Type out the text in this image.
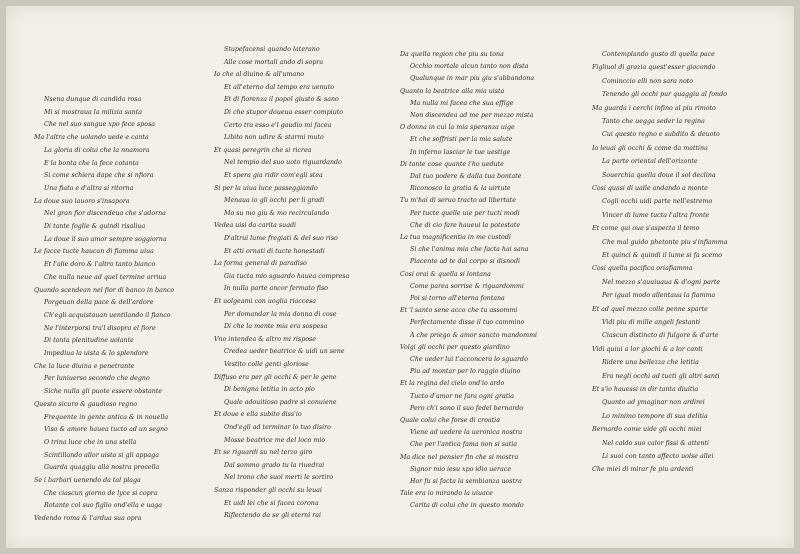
Nsena dunque di candida rosa
Mi si mostraua la milizia santa
Che nel suo sangue xpo fece sposa
Ma l'altra che uolando uede e canta
La gloria di colui che la nnamora
E la bonta che la fece cotanta
Si come schiera dape che si nfiora
Una fiata e d'altra si ritorna
La doue suo lauoro s'insapora
Nel gran fior discendeua che s'adorna
Di tante foglie & quindi risaliua
La doue il suo amor sempre soggiorna
Le facce tucte haucan di fiamma uiua
Et l'alie doro & l'altro tanto bianco
Che nulla neue ad quel termine arriua
Quando scendean nel fior di banco in banco
Porgeuan della pace & dell'ardore
Ch'egli acquistauan uentilando il fianco
Ne l'interporsi tra'l disopra el fiore
Di tanta plenitudine uolante
Impediua la uista & lo splendore
Che la luce diuina e penetrante
Per luniuerso secondo che degno
Siche nulla gli puote essere obstante
Questo sicuro & gaudioso regno
Frequente in gente antica & in nouella
Viso & amore hauea tucto ad un segno
O trina luce che in una stella
Scintillando allor uista si gli appaga
Guarda quaggiu alla nostra procella
Se i barbari uenendo da tal plaga
Che ciascun giorno de lyce si copra
Rotante col suo figlio ond'ella e uaga
Vedendo roma & l'ardua sua opra
Stupefacensi quando laterano
Alle cose mortali ando di sopra
Io che al diuino & all'umano
Et all'eterno dal tempo era uenuto
Et di fiorenza il popol giusto & sano
Di che stupor doueua esser compiuto
Certo tra esso e'l gaudio mi facea
Libito non udire & starmi muto
Et quasi peregrin che si ricrea
Nel tempio del suo uoto riguardando
Et spera gia ridir com'egli stea
Si per la uiua luce passeggiando
Menaua io gli occhi per li gradi
Mo su mo giu & mo recirculando
Vedea uisi da carita suadi
D'altrui lume fregiati & del suo riso
Et atti ornati di tucte honestadi
La forma general di paradiso
Gia tucta mio sguardo hauea compresa
In nulla parte ancor fermato fiso
Et uolgeami con uoglia riaccesa
Per domandar la mia donna di cose
Di che la mente mia era sospesa
Vno intendea & altro mi rispose
Credea ueder beatrice & uidi un sene
Vestito colle genti gloriose
Diffuso era per gli occhi & per le gene
Di benigna letitia in acto pio
Quale adouitioso padre si conuiene
Et doue e ella subito diss'io
Ond'egli ad terminar lo tuo disiro
Mosse beatrice me del loco mio
Et se riguardi su nel terzo giro
Dal sommo grado tu la riuedrai
Nel trono che suoi merti le sortiro
Sanza risponder gli occhi su leuai
Et uidi lei che si facea corona
Riflectendo da se gli eterni rai
Da quella region che piu su tona
Occhio mortale alcun tanto non dista
Qualunque in mar piu giu s'abbandona
Quanto la beatrice alla mia uista
Ma nulla mi facea che sua effige
Non discendea ad me per mezzo mista
O donna in cui la mia speranza uige
Et che soffristi per la mia salute
In inferno lasciar le tue uestige
Di tante cose quante i'ho uedute
Dal tuo podere & dalla tua bontate
Riconosco la gratia & la uirtute
Tu m'hai di seruo tracto ad libertate
Per tucte quelle uie per tucti modi
Che di cio fare haueui la potestate
La tua magnificentia in me custodi
Si che l'anima mia che facta hai sana
Piacente ad te dal corpo si disnodi
Cosi orai & quella si lontana
Come parea sorrise & riguardommi
Poi si torno all'eterna fontana
Et 'l santo sene acco che tu assommi
Perfectamente disse il tuo cammino
A che priego & amor sancto mandommi
Volgi gli occhi per questo giardino
Che ueder lui t'acconcera lo sguardo
Piu ad montar per lo raggio diuino
Et la regina del cielo ond'io ardo
Tucto d'amor ne fara ogni gratia
Pero ch'i sono il suo fedel bernardo
Quale colui che forse di croatia
Viene ad uedere la ueronica nostra
Che per l'antica fama non si satia
Ma dice nel pensier fin che si mostra
Signor mio iesu xpo idio uerace
Hor fu si facta la sembianza uostra
Tale era io mirando la uiuace
Carita di colui che in questo mondo
Contemplando gusto di quella pace
Figliuol di grazia quest'esser giocondo
Cominccio elli non sara noto
Tenendo gli occhi pur quaggiu al fondo
Ma guarda i cerchi infino al piu rimoto
Tanto che uegga seder la regina
Cui questo regno e subdito & deuoto
Io leuai gli occhi & come da mattina
La parte oriental dell'orizonte
Souerchia quella doue il sol declina
Cosi quasi di ualle andando a monte
Cogli occhi uidi parte nell'estremo
Vincer di lume tucta l'altra fronte
Et come qui oue s'aspecta il temo
Che mal guido phetonte piu s'infiamma
Et quinci & quindi il lume si fa scemo
Cosi quella pacifica oriafiamma
Nel mezzo s'auuiuaua & d'ogni parte
Per igual modo allentaua la fiamma
Et ad quel mezzo colle penne sparte
Vidi piu di mille angeli festanti
Ciascun distincto di fulgore & d'arte
Vidi quiui a lor giochi & a lor canti
Ridere una bellezza che letitia
Era negli occhi ad tucti gli altri santi
Et s'io hauessi in dir tanta diuitia
Quanto ad ymaginar non ardirei
Lo minimo tempore di sua delitia
Bernardo come uide gli occhi miei
Nel caldo suo calor fissi & attenti
Li suoi con tanto affecto uolse allei
Che miei di mirar fe piu ardenti
